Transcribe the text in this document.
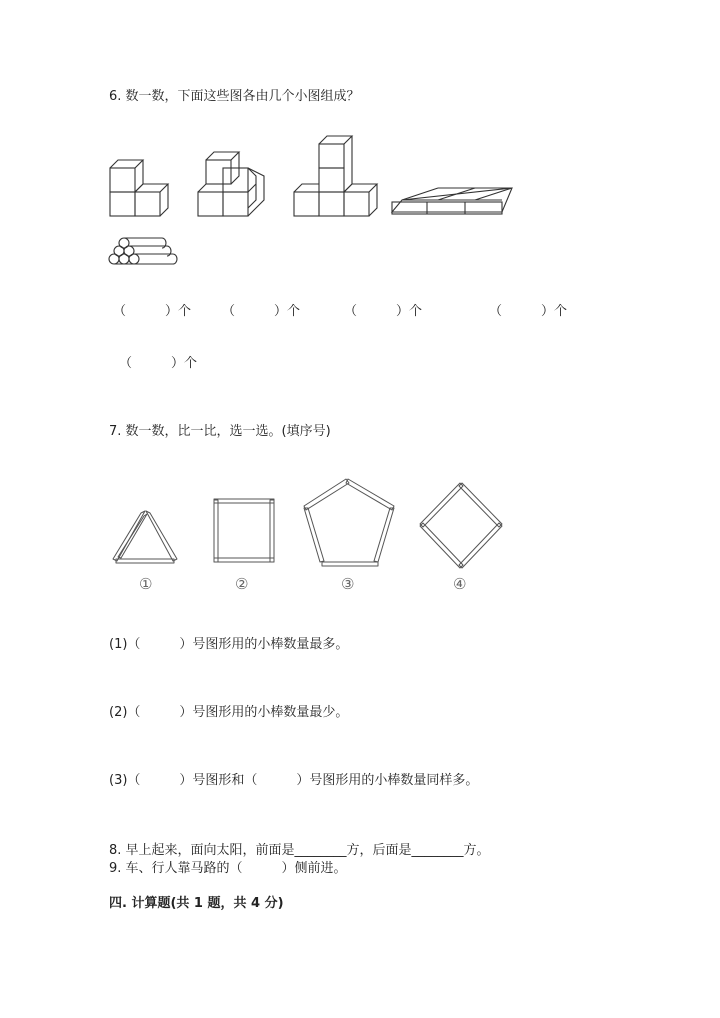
6. 数一数，下面这些图各由几个小图组成？
（　　　）个 （　　　）个	（　　　）个	（　　　）个
（　　　）个
7. 数一数，比一比，选一选。(填序号)
①	②	③	④
(1)（　　　）号图形用的小棒数量最多。
(2)（　　　）号图形用的小棒数量最少。
(3)（　　　）号图形和（　　　）号图形用的小棒数量同样多。
8. 早上起来，面向太阳，前面是________方，后面是________方。
9. 车、行人靠马路的（　　　）侧前进。
四. 计算题(共 1 题，共 4 分)
